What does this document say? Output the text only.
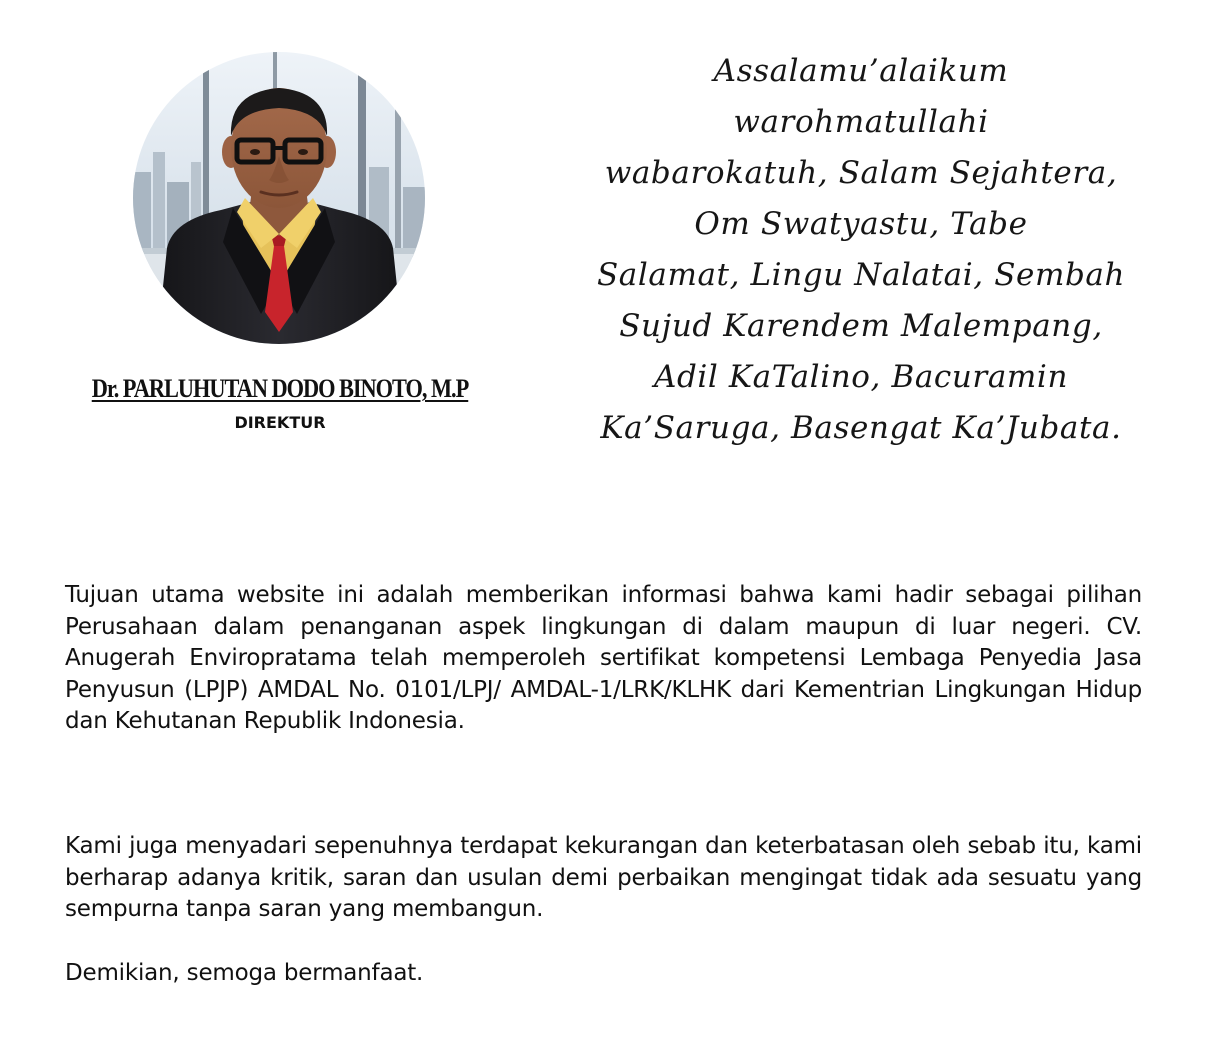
Dr. PARLUHUTAN DODO BINOTO, M.P
DIREKTUR
Assalamu’alaikum
warohmatullahi
wabarokatuh, Salam Sejahtera,
Om Swatyastu, Tabe
Salamat, Lingu Nalatai, Sembah
Sujud Karendem Malempang,
Adil KaTalino, Bacuramin
Ka’Saruga, Basengat Ka’Jubata.

Tujuan utama website ini adalah memberikan informasi bahwa kami hadir sebagai pilihan Perusahaan dalam penanganan aspek lingkungan di dalam maupun di luar negeri. CV. Anugerah Enviropratama telah memperoleh sertifikat kompetensi Lembaga Penyedia Jasa Penyusun (LPJP) AMDAL No. 0101/LPJ/ AMDAL-1/LRK/KLHK dari Kementrian Lingkungan Hidup dan Kehutanan Republik Indonesia.

Kami juga menyadari sepenuhnya terdapat kekurangan dan keterbatasan oleh sebab itu, kami berharap adanya kritik, saran dan usulan demi perbaikan mengingat tidak ada sesuatu yang sempurna tanpa saran yang membangun.

Demikian, semoga bermanfaat.
